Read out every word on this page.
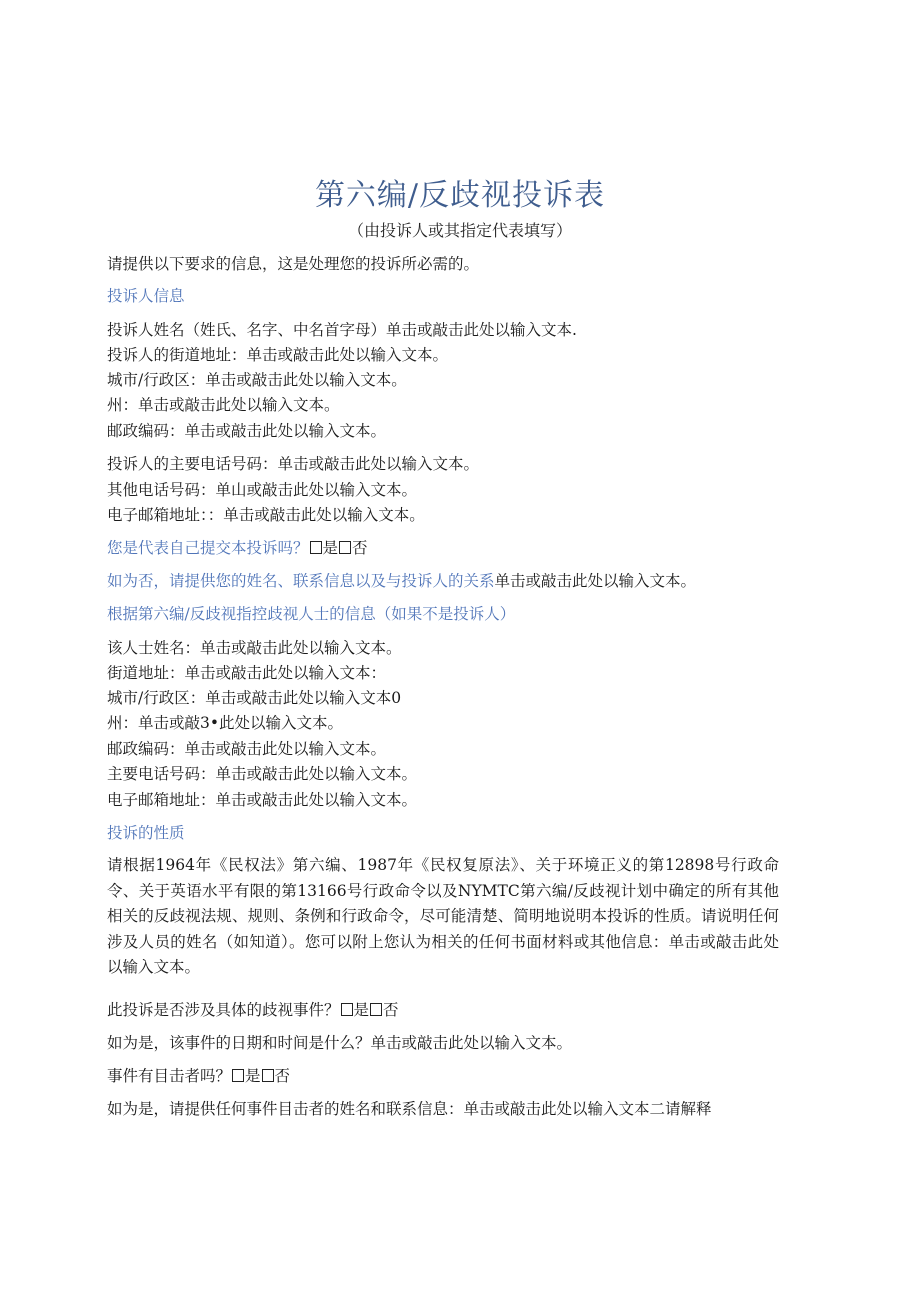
第六编/反歧视投诉表
（由投诉人或其指定代表填写）
请提供以下要求的信息，这是处理您的投诉所必需的。
投诉人信息
投诉人姓名（姓氏、名字、中名首字母）单击或敲击此处以输入文本.
投诉人的街道地址：单击或敲击此处以输入文本。
城市/行政区：单击或敲击此处以输入文本。
州：单击或敲击此处以输入文本。
邮政编码：单击或敲击此处以输入文本。
投诉人的主要电话号码：单击或敲击此处以输入文本。
其他电话号码：单山或敲击此处以输入文本。
电子邮箱地址：：单击或敲击此处以输入文本。
您是代表自己提交本投诉吗？ 是 否
如为否，请提供您的姓名、联系信息以及与投诉人的关系单击或敲击此处以输入文本。
根据第六编/反歧视指控歧视人士的信息（如果不是投诉人）
该人士姓名：单击或敲击此处以输入文本。
街道地址：单击或敲击此处以输入文本：
城市/行政区：单击或敲击此处以输入文本0
州：单击或敲3•此处以输入文本。
邮政编码：单击或敲击此处以输入文本。
主要电话号码：单击或敲击此处以输入文本。
电子邮箱地址：单击或敲击此处以输入文本。
投诉的性质
请根据1964年《民权法》第六编、1987年《民权复原法》、关于环境正义的第12898号行政命令、关于英语水平有限的第13166号行政命令以及NYMTC第六编/反歧视计划中确定的所有其他相关的反歧视法规、规则、条例和行政命令，尽可能清楚、简明地说明本投诉的性质。请说明任何涉及人员的姓名（如知道）。您可以附上您认为相关的任何书面材料或其他信息：单击或敲击此处以输入文本。
此投诉是否涉及具体的歧视事件？ 是 否
如为是，该事件的日期和时间是什么？单击或敲击此处以输入文本。
事件有目击者吗？ 是 否
如为是，请提供任何事件目击者的姓名和联系信息：单击或敲击此处以输入文本二请解释
